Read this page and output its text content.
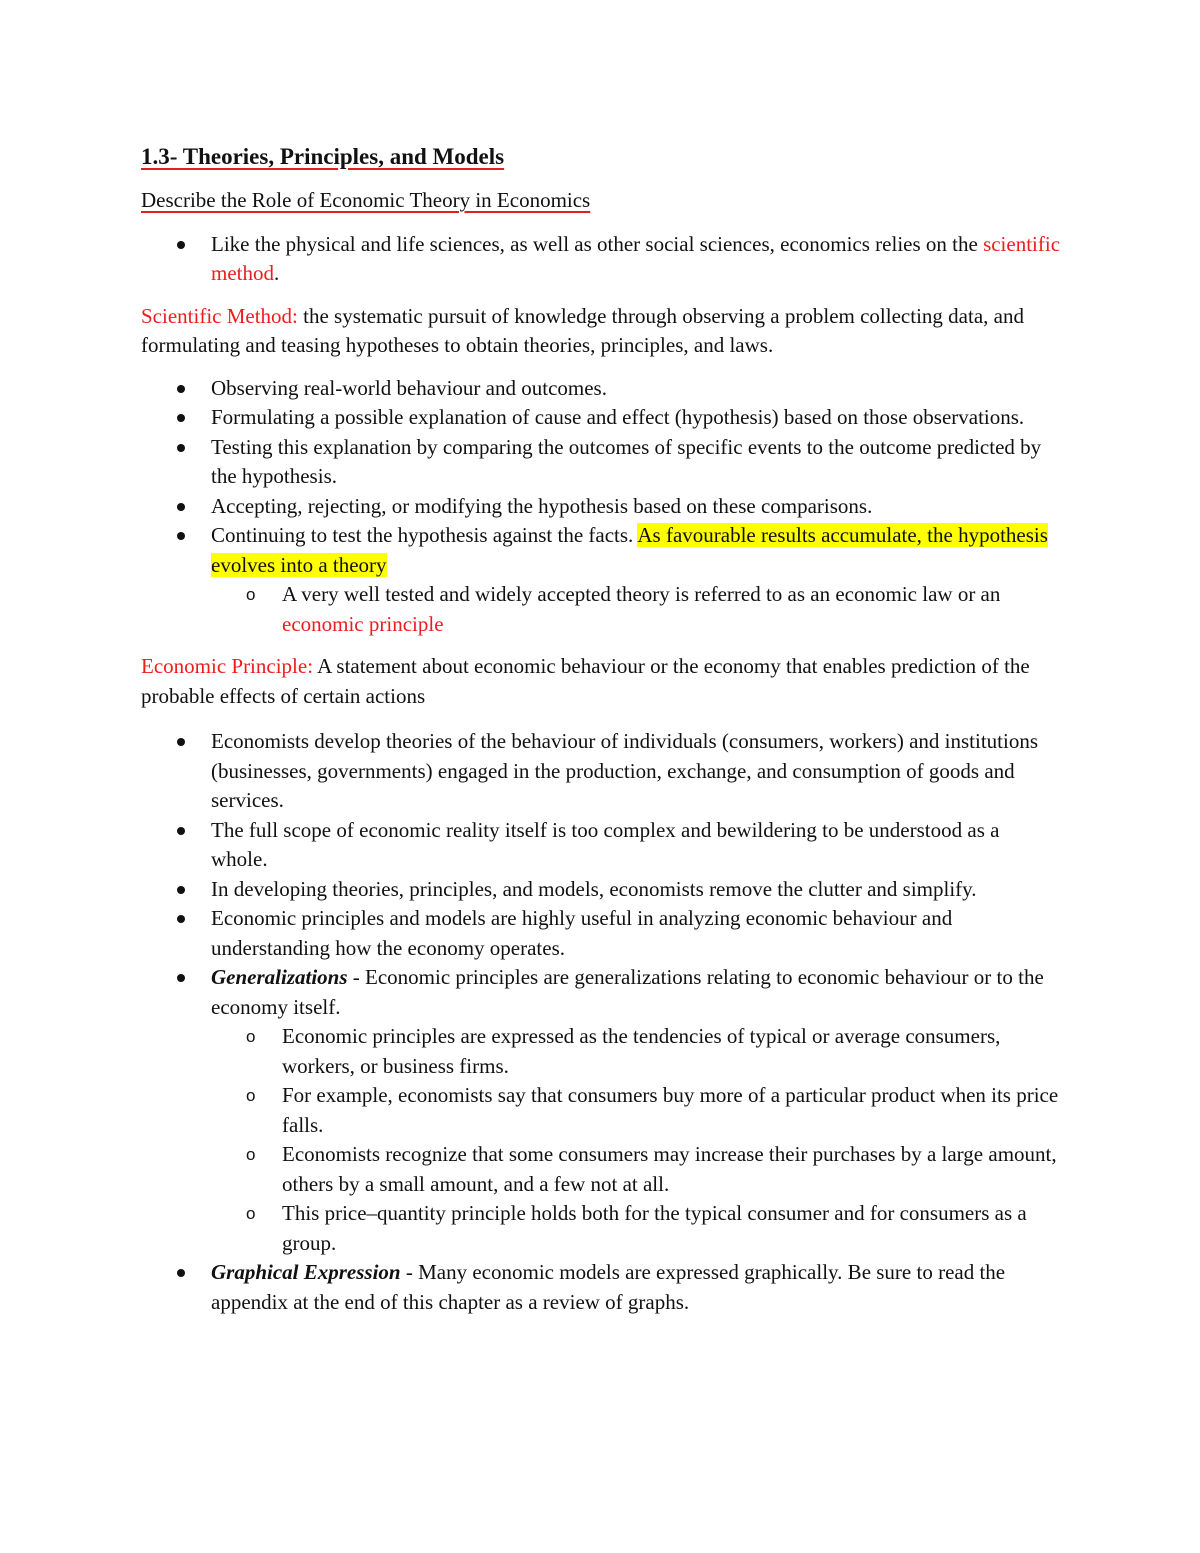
1.3- Theories, Principles, and Models
Describe the Role of Economic Theory in Economics
Like the physical and life sciences, as well as other social sciences, economics relies on the scientific method.
Scientific Method: the systematic pursuit of knowledge through observing a problem collecting data, and formulating and teasing hypotheses to obtain theories, principles, and laws.
Observing real-world behaviour and outcomes.
Formulating a possible explanation of cause and effect (hypothesis) based on those observations.
Testing this explanation by comparing the outcomes of specific events to the outcome predicted by the hypothesis.
Accepting, rejecting, or modifying the hypothesis based on these comparisons.
Continuing to test the hypothesis against the facts. As favourable results accumulate, the hypothesis evolves into a theory
o A very well tested and widely accepted theory is referred to as an economic law or an economic principle
Economic Principle: A statement about economic behaviour or the economy that enables prediction of the probable effects of certain actions
Economists develop theories of the behaviour of individuals (consumers, workers) and institutions (businesses, governments) engaged in the production, exchange, and consumption of goods and services.
The full scope of economic reality itself is too complex and bewildering to be understood as a whole.
In developing theories, principles, and models, economists remove the clutter and simplify.
Economic principles and models are highly useful in analyzing economic behaviour and understanding how the economy operates.
Generalizations - Economic principles are generalizations relating to economic behaviour or to the economy itself.
o Economic principles are expressed as the tendencies of typical or average consumers, workers, or business firms.
o For example, economists say that consumers buy more of a particular product when its price falls.
o Economists recognize that some consumers may increase their purchases by a large amount, others by a small amount, and a few not at all.
o This price–quantity principle holds both for the typical consumer and for consumers as a group.
Graphical Expression - Many economic models are expressed graphically. Be sure to read the appendix at the end of this chapter as a review of graphs.
